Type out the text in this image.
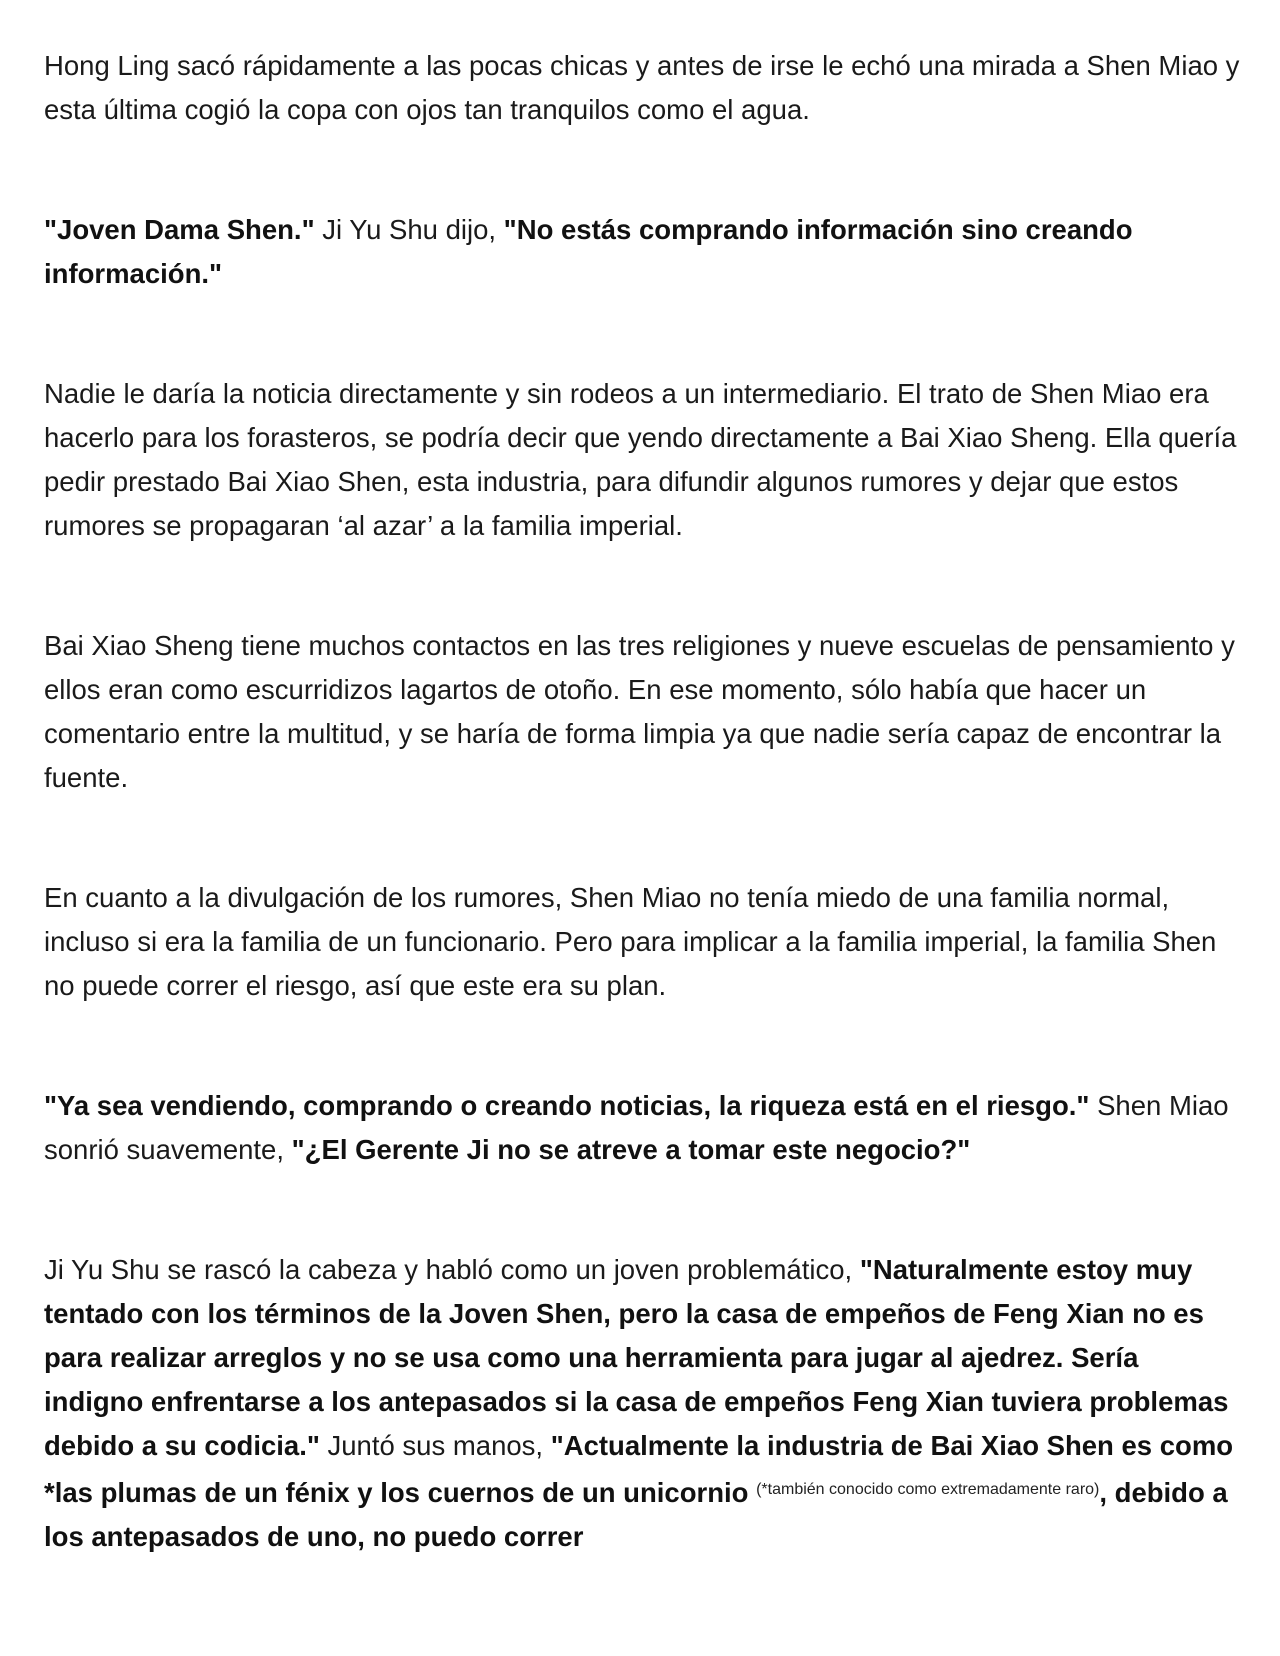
Hong Ling sacó rápidamente a las pocas chicas y antes de irse le echó una mirada a Shen Miao y esta última cogió la copa con ojos tan tranquilos como el agua.

"Joven Dama Shen." Ji Yu Shu dijo, "No estás comprando información sino creando información."

Nadie le daría la noticia directamente y sin rodeos a un intermediario. El trato de Shen Miao era hacerlo para los forasteros, se podría decir que yendo directamente a Bai Xiao Sheng. Ella quería pedir prestado Bai Xiao Shen, esta industria, para difundir algunos rumores y dejar que estos rumores se propagaran ‘al azar’ a la familia imperial.

Bai Xiao Sheng tiene muchos contactos en las tres religiones y nueve escuelas de pensamiento y ellos eran como escurridizos lagartos de otoño. En ese momento, sólo había que hacer un comentario entre la multitud, y se haría de forma limpia ya que nadie sería capaz de encontrar la fuente.

En cuanto a la divulgación de los rumores, Shen Miao no tenía miedo de una familia normal, incluso si era la familia de un funcionario. Pero para implicar a la familia imperial, la familia Shen no puede correr el riesgo, así que este era su plan.

"Ya sea vendiendo, comprando o creando noticias, la riqueza está en el riesgo." Shen Miao sonrió suavemente, "¿El Gerente Ji no se atreve a tomar este negocio?"

Ji Yu Shu se rascó la cabeza y habló como un joven problemático, "Naturalmente estoy muy tentado con los términos de la Joven Shen, pero la casa de empeños de Feng Xian no es para realizar arreglos y no se usa como una herramienta para jugar al ajedrez. Sería indigno enfrentarse a los antepasados si la casa de empeños Feng Xian tuviera problemas debido a su codicia." Juntó sus manos, "Actualmente la industria de Bai Xiao Shen es como *las plumas de un fénix y los cuernos de un unicornio $^{(*también conocido como extremadamente raro)}$, debido a los antepasados de uno, no puedo correr
